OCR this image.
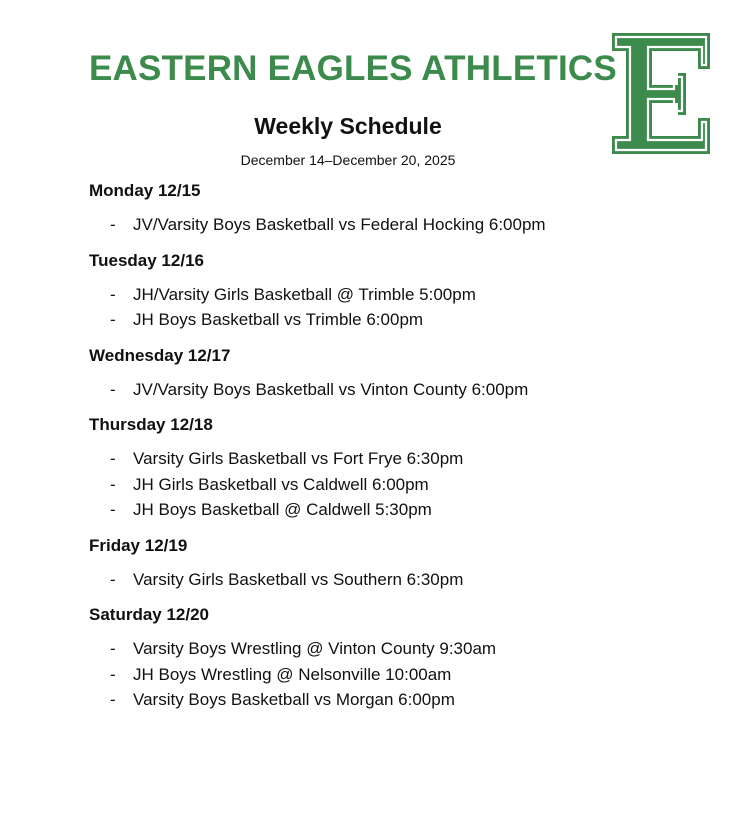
EASTERN EAGLES ATHLETICS
Weekly Schedule
December 14–December 20, 2025
Monday 12/15
- JV/Varsity Boys Basketball vs Federal Hocking 6:00pm
Tuesday 12/16
- JH/Varsity Girls Basketball @ Trimble 5:00pm
- JH Boys Basketball vs Trimble 6:00pm
Wednesday 12/17
- JV/Varsity Boys Basketball vs Vinton County 6:00pm
Thursday 12/18
- Varsity Girls Basketball vs Fort Frye 6:30pm
- JH Girls Basketball vs Caldwell 6:00pm
- JH Boys Basketball @ Caldwell 5:30pm
Friday 12/19
- Varsity Girls Basketball vs Southern 6:30pm
Saturday 12/20
- Varsity Boys Wrestling @ Vinton County 9:30am
- JH Boys Wrestling @ Nelsonville 10:00am
- Varsity Boys Basketball vs Morgan 6:00pm
